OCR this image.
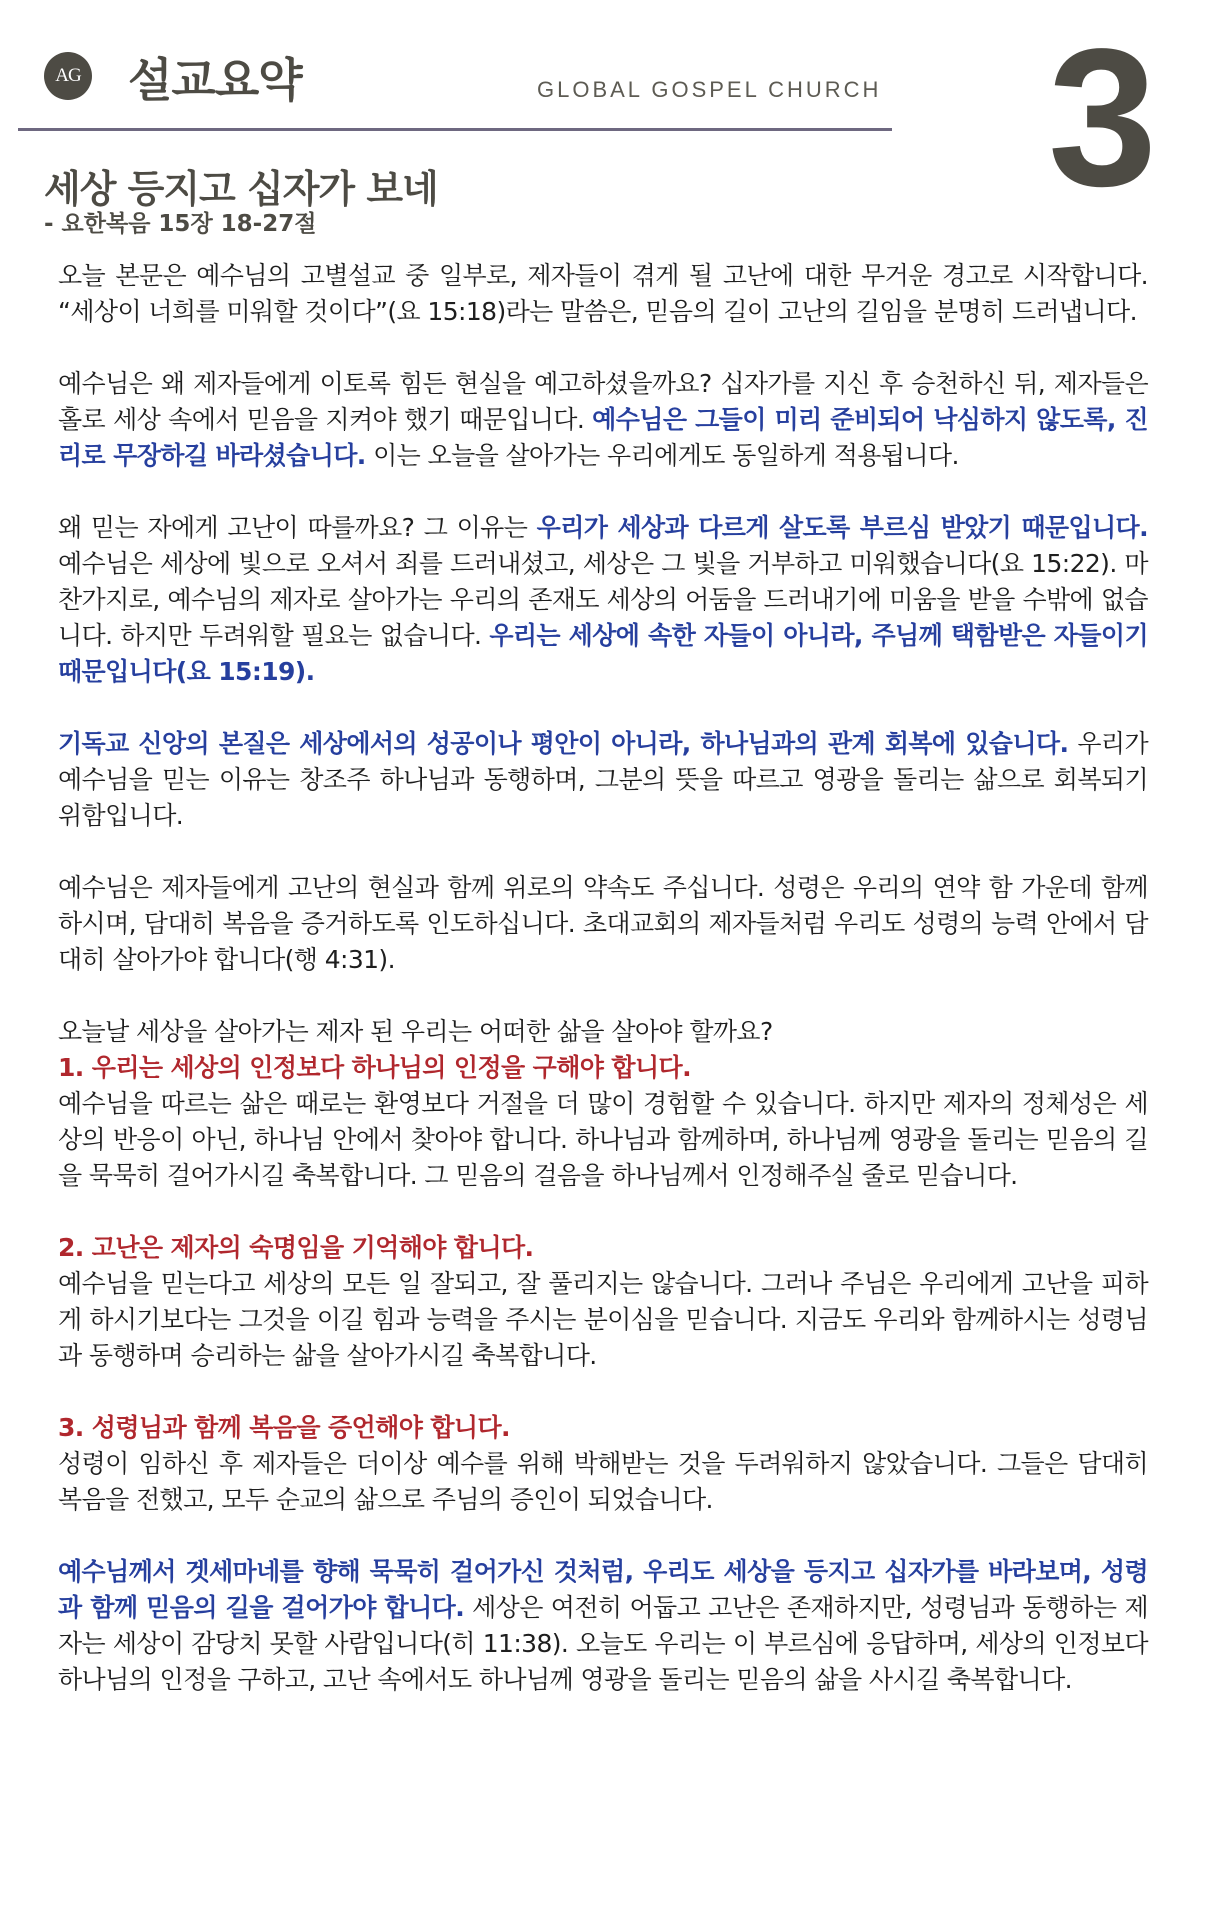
AG 설교요약	GLOBAL GOSPEL CHURCH 3
세상 등지고 십자가 보네
- 요한복음 15장 18-27절

오늘 본문은 예수님의 고별설교 중 일부로, 제자들이 겪게 될 고난에 대한 무거운 경고로 시작합니다. “세상이 너희를 미워할 것이다”(요 15:18)라는 말씀은, 믿음의 길이 고난의 길임을 분명히 드러냅니다.

예수님은 왜 제자들에게 이토록 힘든 현실을 예고하셨을까요? 십자가를 지신 후 승천하신 뒤, 제자들은 홀로 세상 속에서 믿음을 지켜야 했기 때문입니다. 예수님은 그들이 미리 준비되어 낙심하지 않도록, 진리로 무장하길 바라셨습니다. 이는 오늘을 살아가는 우리에게도 동일하게 적용됩니다.

왜 믿는 자에게 고난이 따를까요? 그 이유는 우리가 세상과 다르게 살도록 부르심 받았기 때문입니다. 예수님은 세상에 빛으로 오셔서 죄를 드러내셨고, 세상은 그 빛을 거부하고 미워했습니다(요 15:22). 마찬가지로, 예수님의 제자로 살아가는 우리의 존재도 세상의 어둠을 드러내기에 미움을 받을 수밖에 없습니다. 하지만 두려워할 필요는 없습니다. 우리는 세상에 속한 자들이 아니라, 주님께 택함받은 자들이기 때문입니다(요 15:19).

기독교 신앙의 본질은 세상에서의 성공이나 평안이 아니라, 하나님과의 관계 회복에 있습니다. 우리가 예수님을 믿는 이유는 창조주 하나님과 동행하며, 그분의 뜻을 따르고 영광을 돌리는 삶으로 회복되기 위함입니다.

예수님은 제자들에게 고난의 현실과 함께 위로의 약속도 주십니다. 성령은 우리의 연약 함 가운데 함께하시며, 담대히 복음을 증거하도록 인도하십니다. 초대교회의 제자들처럼 우리도 성령의 능력 안에서 담대히 살아가야 합니다(행 4:31).

오늘날 세상을 살아가는 제자 된 우리는 어떠한 삶을 살아야 할까요?

1. 우리는 세상의 인정보다 하나님의 인정을 구해야 합니다.

예수님을 따르는 삶은 때로는 환영보다 거절을 더 많이 경험할 수 있습니다. 하지만 제자의 정체성은 세상의 반응이 아닌, 하나님 안에서 찾아야 합니다. 하나님과 함께하며, 하나님께 영광을 돌리는 믿음의 길을 묵묵히 걸어가시길 축복합니다. 그 믿음의 걸음을 하나님께서 인정해주실 줄로 믿습니다.

2. 고난은 제자의 숙명임을 기억해야 합니다.

예수님을 믿는다고 세상의 모든 일 잘되고, 잘 풀리지는 않습니다. 그러나 주님은 우리에게 고난을 피하게 하시기보다는 그것을 이길 힘과 능력을 주시는 분이심을 믿습니다. 지금도 우리와 함께하시는 성령님과 동행하며 승리하는 삶을 살아가시길 축복합니다.

3. 성령님과 함께 복음을 증언해야 합니다.

성령이 임하신 후 제자들은 더이상 예수를 위해 박해받는 것을 두려워하지 않았습니다. 그들은 담대히 복음을 전했고, 모두 순교의 삶으로 주님의 증인이 되었습니다.

예수님께서 겟세마네를 향해 묵묵히 걸어가신 것처럼, 우리도 세상을 등지고 십자가를 바라보며, 성령과 함께 믿음의 길을 걸어가야 합니다. 세상은 여전히 어둡고 고난은 존재하지만, 성령님과 동행하는 제자는 세상이 감당치 못할 사람입니다(히 11:38). 오늘도 우리는 이 부르심에 응답하며, 세상의 인정보다 하나님의 인정을 구하고, 고난 속에서도 하나님께 영광을 돌리는 믿음의 삶을 사시길 축복합니다.
